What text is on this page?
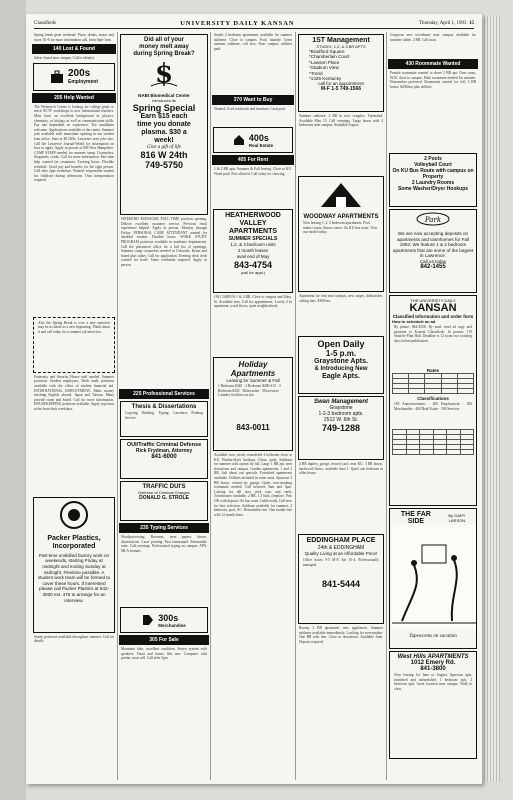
Classifieds	UNIVERSITY DAILY KANSAN	Thursday, April 1, 1993 15
Spring break great weekend. Pizza, drinks, music and more. $1-6 for more information call, from 6pm-1am.
140 Lost & Found
Silver found near campus. Call to identify.
200s
Employment
205 Help Wanted
The Weinreich Center is looking for college grads to teach NCTF workshops to new international teachers. Must have an excellent background in physics, chemistry, or biology as well as communication skills. Pay rate dependent on experience. Tea candidates welcome. Applications available at the center. Summer jobs available with immediate opening in our student loan office. Start at $5.50/hr. Lawrence area jobs also. Call the Lawrence Journal-World for information on how to apply. Apply in person at 609 New Hampshire. CAMP STAFF needed for summer camp. Counselors, lifeguards, cooks. Call for more information. Part-time help wanted for restaurant. Evening hours. Flexible schedule. Good pay and benefits for the right person. Call after 2pm weekdays. Wanted: responsible student for childcare during afternoons. Own transportation required.
Also the Spring Break is over a new semester may be as harsh as a new beginning. Think about it and call today for a summer job interview.
Fraternity and Sorority House staff needed. Summer positions. Student employees. Work study positions available with the office of student financial aid. INTERNATIONAL EMPLOYMENT: Make money teaching English abroad. Japan and Taiwan. Many provide room and board. Call for more information. HOUSEKEEPING positions available. Apply in person at the front desk weekdays.
Packer Plastics, Incorporated
Part-time unskilled factory work on weekends, starting Friday at midnight and ending Sunday at midnight. Flextime possible. A student work team will be formed to cover these hours. If interested please call Packer Plastics at 842-3000 ext. 475 to arrange for an interview.
Sunny positions available throughout summer. Call for details.
Did all of your
money melt away
during Spring Break?
$
NABI Biomedical Center
Introduces its
Spring Special
Earn $15 each
time you donate
plasma. $30 a
week!
Give a gift of life
816 W 24th
749-5750
WEEKEND MANAGER FULL-TIME position opening. Deliver excellent customer service. Previous retail experience helpful. Apply in person, Monday through Friday. PERSONAL CARE ATTENDANT wanted for disabled student. Flexible hours. WORK STUDY PROGRAM positions available in academic departments. Call the placement office for a full list of openings. Summer camp counselors needed in Colorado. Room and board plus salary. Call for application. Evening desk clerk wanted for hotel. Some weekends required. Apply in person.
225 Professional Services
Thesis & Dissertations
Copying, Binding, Typing. Lawrence Printing Service.
OUI/Traffic Criminal Defense
Rick Frydman, Attorney
841-6000
TRAFFIC DUI'S
Defense of Criminal Charges
DONALD G. STROLE
235 Typing Services
Wordprocessing: Resumes, term papers, theses, dissertations. Laser printing. Fast turnaround. Reasonable rates. Call evenings. Professional typing on campus. APA, MLA formats.
300s
Merchandise
305 For Sale
Mountain bike, excellent condition. Stereo system with speakers. Futon and frame, like new. Computer with printer, must sell. Call after 5pm.
Studio 2 bedroom apartments available for summer sublease. Close to campus. Pool, laundry. Great summer sublease, call now. Near campus, utilities paid.
370 Want to Buy
Wanted: Used textbooks and furniture. Cash paid.
400s
Real Estate
405 For Rent
1 & 2 BR apts. Summer & Fall leasing. Close to KU. Water paid. Pets allowed. Call today for showing.
HEATHERWOOD VALLEY APARTMENTS
SUMMER SPECIALS
1,2, & 3 bedroom units
2 month leases
avail end of May
843-4754
(call for appt.)
ON CAMPUS 1 & 2 BR. Close to campus and Mass. St. Available now. Call for appointment. Lovely 2 br apartment, wood floors, quiet neighborhood.
Holiday Apartments
Leasing for Summer & Fall
1 Bedroom $340 · 2 Bedroom $400-415 · 3 Bedroom $520 · Dishwasher · Microwave · Laundry facilities on site
843-0011
Available now, newly remodeled 2 bedroom close to KU. Washer/dryer hookups. Clean, quiet. Sublease for summer with option for fall. Large 1 BR apt, near downtown and campus. Garden apartments, 1 and 2 BR. Ask about our specials. Furnished apartments available. Utilities included in some units. Spacious 3 BR house, central air, garage. Quiet, non-smoking roommate needed. Call between 9am and 5pm. Leasing for fall now, pick your unit early. Townhouses available, 2 BR, 1.5 bath, fireplace. Pets OK with deposit. On bus route. Cable ready. Call now for best selection. Sublease available for summer, 2 bedroom, pool, AC. Reasonable rent. One month free with 12 month lease.
1ST Management
STUDIO, 1,2, & 3 BR APTS
*Bradford Square
*Chamberlain Court
*Lawson Place
*Stadium View
*Trend
*1425 Kentucky
call for an appointment
M-F 1-5 749-1566
Summer sublease, 2 BR in nice complex. Furnished. Available May 15. Call evenings. Large house with 4 bedrooms near campus. Available August.
WOODWAY APARTMENTS
Now leasing 1, 2, 3 bedroom apartments. Pool, tennis courts, fitness center. On KU bus route. Visit our model today.
Apartment for rent near campus, new carpet, dishwasher, ceiling fans. $380/mo.
Open Daily
1-5 p.m.
Graystone Apts.
& Introducing New
Eagle Apts.
Swan Management
Graystone
1-2-3 bedroom apts.
2512 W. 6th St.
749-1288
2 BR duplex, garage, fenced yard, near KU. 3 BR house, hardwood floors, available June 1. Quiet one bedroom in older house.
EDDINGHAM PLACE
24th & EDDINGHAM
Quality Living at an Affordable Price!
Office hours 9-5 M-F, Sat 10-4. Professionally managed.
841-5444
Roomy 2 BR apartment, new appliances. Summer sublease available immediately. Looking for non-smoker. One BR with den. Close to downtown. Available June. Deposit required.
Gorgeous new townhome near campus available for summer sublet. 2 BR. Call soon.
430 Roommate Wanted
Female roommate wanted to share 2 BR apt. Own room, W/D, close to campus. Male roommate needed for summer. Nonsmoker preferred. Roommate wanted for fall, 3 BR house, $200/mo plus utilities.
2 Pools
Volleyball Court
On KU Bus Route with campus on Property
2 Laundry Rooms
Some Washer/Dryer Hookups
Park
We are now accepting deposits on apartments and townhomes for Fall 1993. We feature 1 & 2 bedroom apartments that are some of the largest in Lawrence.
Call us today
842-1455
THE UNIVERSITY DAILY
KANSAN
Classified Information and order form
How to schedule an ad
By phone: 864-4358. By mail: send ad copy and payment to Kansan Classifieds. In person: 119 Stauffer-Flint Hall. Deadline is 12 noon two working days before publication.
Rates

Classifications
100 Announcements · 200 Employment · 300 Merchandise · 400 Real Estate · 500 Services

THE FAR SIDE
By GARY LARSON
Tapeworms on vacation
West Hills APARTMENTS
1012 Emery Rd.
841-3800
Now leasing for June or August. Spacious apts, furnished and unfurnished. 1 bedroom apts. 2 bedroom apts. Great location near campus. Walk to class.
